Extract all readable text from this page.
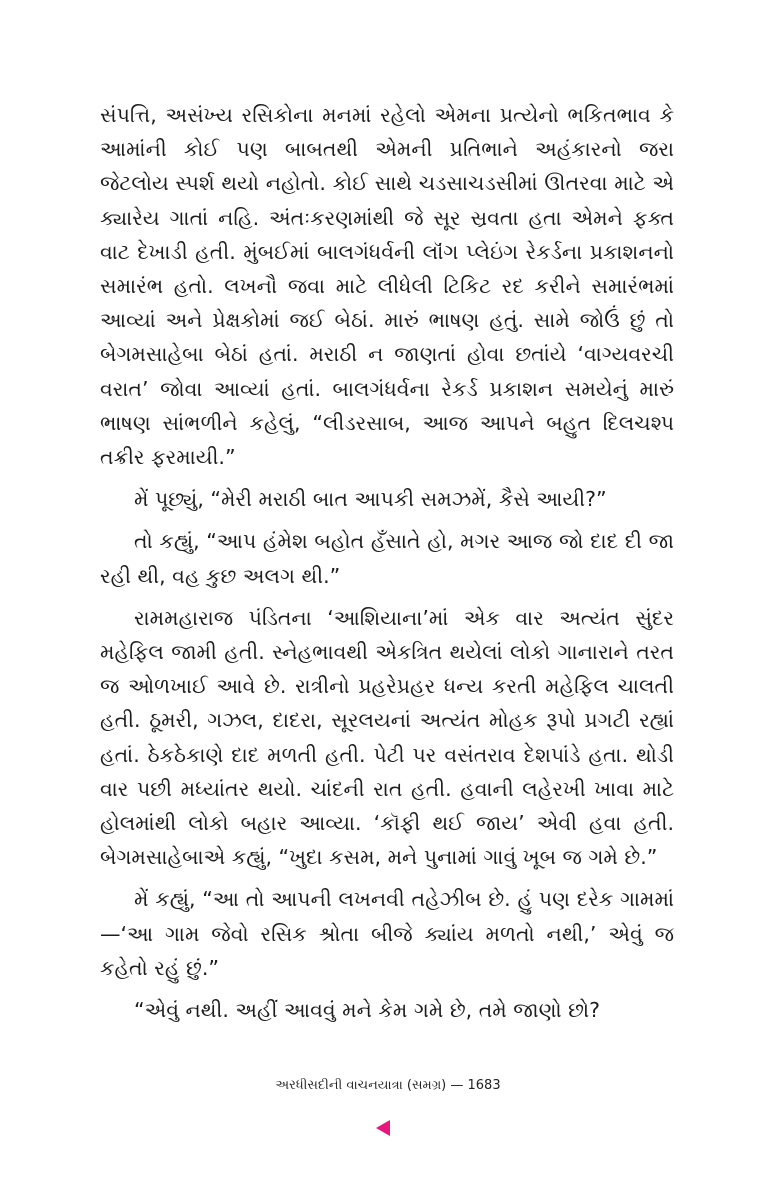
સંપત્તિ, અસંખ્ય રસિકોના મનમાં રહેલો એમના પ્રત્યેનો ભકિતભાવ કે આમાંની કોઈ પણ બાબતથી એમની પ્રતિભાને અહંકારનો જરા જેટલોય સ્પર્શ થયો નહોતો. કોઈ સાથે ચડસાચડસીમાં ઊતરવા માટે એ ક્યારેય ગાતાં નહિ. અંતઃકરણમાંથી જે સૂર સ્રવતા હતા એમને ફક્ત વાટ દેખાડી હતી. મુંબઈમાં બાલગંધર્વની લૉંગ પ્લેઇંગ રેકર્ડના પ્રકાશનનો સમારંભ હતો. લખનૌ જવા માટે લીધેલી ટિકિટ રદ કરીને સમારંભમાં આવ્યાં અને પ્રેક્ષકોમાં જઈ બેઠાં. મારું ભાષણ હતું. સામે જોઉં છું તો બેગમસાહેબા બેઠાં હતાં. મરાઠી ન જાણતાં હોવા છતાંયે ‘વાગ્યવરચી વરાત’ જોવા આવ્યાં હતાં. બાલગંધર્વના રેકર્ડ પ્રકાશન સમયેનું મારું ભાષણ સાંભળીને કહેલું, “લીડરસાબ, આજ આપને બહુત દિલચશ્પ તક્રીર ફરમાયી.”

મેં પૂછ્યું, “મેરી મરાઠી બાત આપકી સમઝમેં, કૈસે આયી?”

તો કહ્યું, “આપ હંમેશ બહોત હઁસાતે હો, મગર આજ જો દાદ દી જા રહી થી, વહ કુછ અલગ થી.”

રામમહારાજ પંડિતના ‘આશિયાના’માં એક વાર અત્યંત સુંદર મહેફિલ જામી હતી. સ્નેહભાવથી એકત્રિત થયેલાં લોકો ગાનારાને તરત જ ઓળખાઈ આવે છે. રાત્રીનો પ્રહરેપ્રહર ધન્ય કરતી મહેફિલ ચાલતી હતી. ઠૂમરી, ગઝલ, દાદરા, સૂરલયનાં અત્યંત મોહક રૂપો પ્રગટી રહ્યાં હતાં. ઠેકઠેકાણે દાદ મળતી હતી. પેટી પર વસંતરાવ દેશપાંડે હતા. થોડી વાર પછી મધ્યાંતર થયો. ચાંદની રાત હતી. હવાની લહેરખી ખાવા માટે હોલમાંથી લોકો બહાર આવ્યા. ‘કૉફી થઈ જાય’ એવી હવા હતી. બેગમસાહેબાએ કહ્યું, “ખુદા કસમ, મને પુનામાં ગાવું ખૂબ જ ગમે છે.”

મેં કહ્યું, “આ તો આપની લખનવી તહેઝીબ છે. હું પણ દરેક ગામમાં—‘આ ગામ જેવો રસિક શ્રોતા બીજે ક્યાંય મળતો નથી,’ એવું જ કહેતો રહું છું.”

“એવું નથી. અહીં આવવું મને કેમ ગમે છે, તમે જાણો છો?

અરધીસદીની વાચનયાત્રા (સમગ્ર) — 1683
